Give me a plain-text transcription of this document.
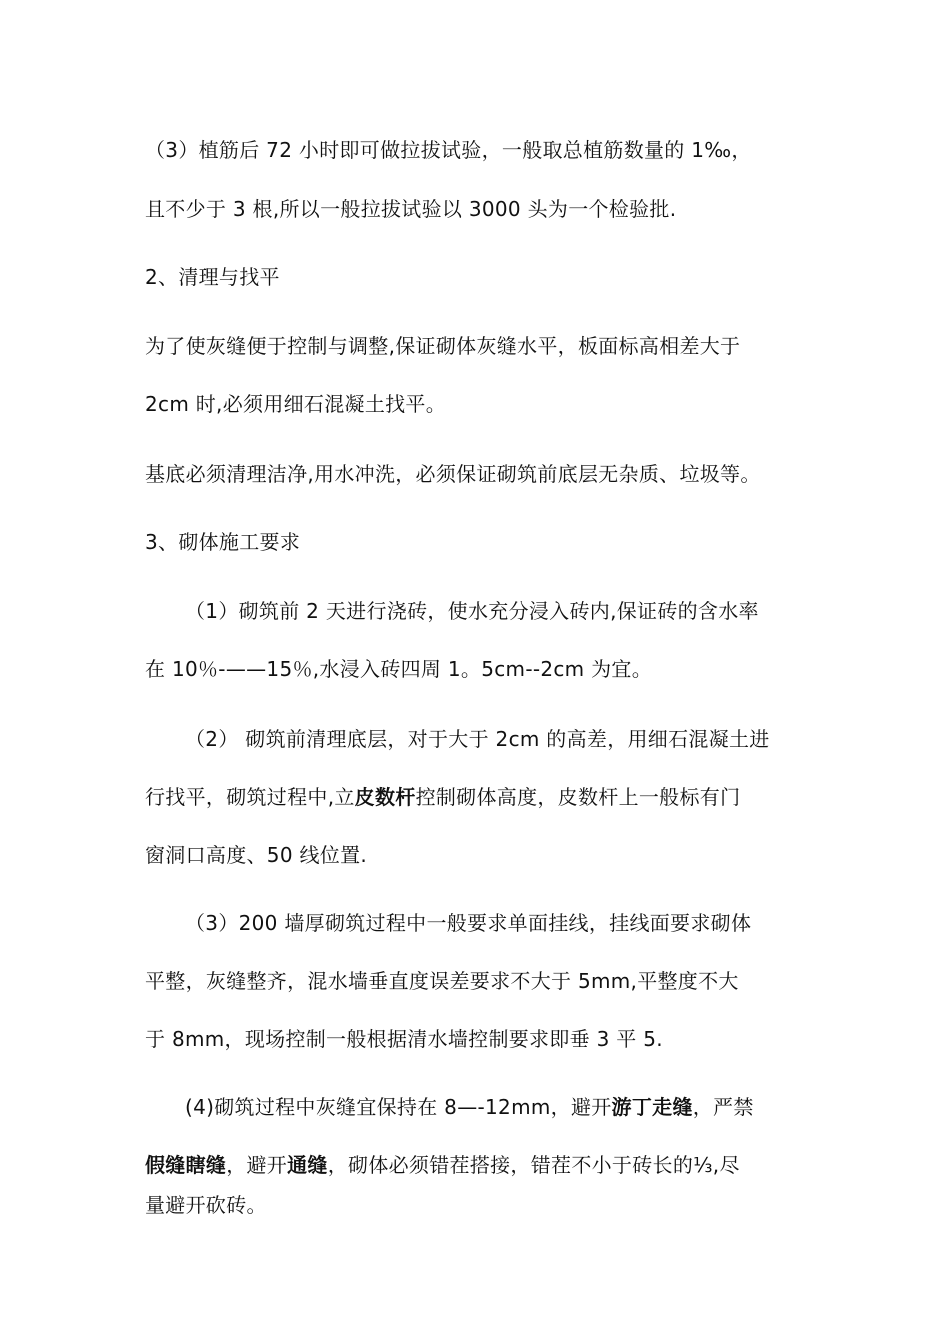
（3）植筋后 72 小时即可做拉拔试验，一般取总植筋数量的 1‰，
且不少于 3 根,所以一般拉拔试验以 3000 头为一个检验批.
2、清理与找平
为了使灰缝便于控制与调整,保证砌体灰缝水平，板面标高相差大于
2cm 时,必须用细石混凝土找平。
基底必须清理洁净,用水冲洗，必须保证砌筑前底层无杂质、垃圾等。
3、砌体施工要求
（1）砌筑前 2 天进行浇砖，使水充分浸入砖内,保证砖的含水率
在 10％-——15％,水浸入砖四周 1。5cm--2cm 为宜。
（2） 砌筑前清理底层，对于大于 2cm 的高差，用细石混凝土进
行找平，砌筑过程中,立皮数杆控制砌体高度，皮数杆上一般标有门
窗洞口高度、50 线位置.
（3）200 墙厚砌筑过程中一般要求单面挂线，挂线面要求砌体
平整，灰缝整齐，混水墙垂直度误差要求不大于 5mm,平整度不大
于 8mm，现场控制一般根据清水墙控制要求即垂 3 平 5.
(4)砌筑过程中灰缝宜保持在 8—-12mm，避开游丁走缝，严禁
假缝瞎缝，避开通缝，砌体必须错茬搭接，错茬不小于砖长的⅓,尽
量避开砍砖。
